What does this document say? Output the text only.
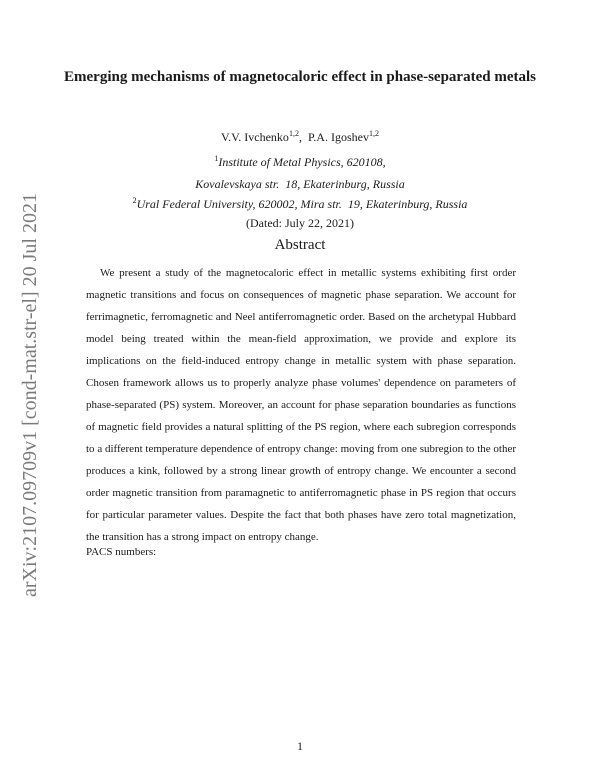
arXiv:2107.09709v1 [cond-mat.str-el] 20 Jul 2021
Emerging mechanisms of magnetocaloric effect in phase-separated metals
V.V. Ivchenko$^{1,2}$,  P.A. Igoshev$^{1,2}$
$^1$Institute of Metal Physics, 620108,
Kovalevskaya str.  18, Ekaterinburg, Russia
$^2$Ural Federal University, 620002, Mira str.  19, Ekaterinburg, Russia
(Dated: July 22, 2021)
Abstract

We present a study of the magnetocaloric effect in metallic systems exhibiting first order magnetic transitions and focus on consequences of magnetic phase separation. We account for ferrimagnetic, ferromagnetic and Neel antiferromagnetic order. Based on the archetypal Hubbard model being treated within the mean-field approximation, we provide and explore its implications on the field-induced entropy change in metallic system with phase separation. Chosen framework allows us to properly analyze phase volumes' dependence on parameters of phase-separated (PS) system. Moreover, an account for phase separation boundaries as functions of magnetic field provides a natural splitting of the PS region, where each subregion corresponds to a different temperature dependence of entropy change: moving from one subregion to the other produces a kink, followed by a strong linear growth of entropy change. We encounter a second order magnetic transition from paramagnetic to antiferromagnetic phase in PS region that occurs for particular parameter values. Despite the fact that both phases have zero total magnetization, the transition has a strong impact on entropy change.

PACS numbers:
1
